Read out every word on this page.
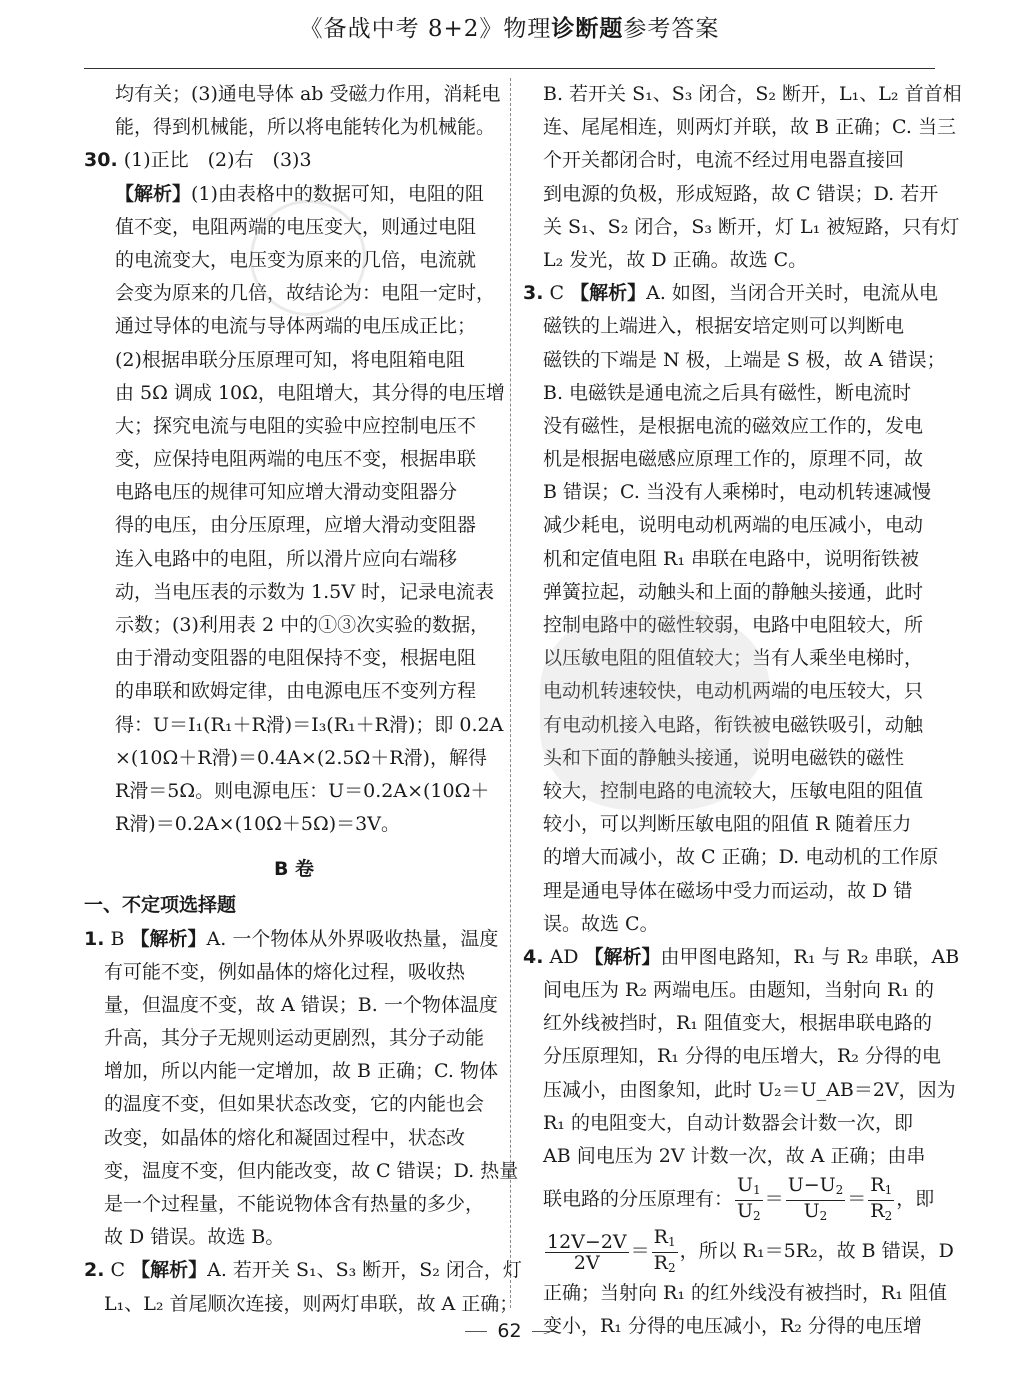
《备战中考 8+2》物理诊断题参考答案
均有关；(3)通电导体 ab 受磁力作用，消耗电
能，得到机械能，所以将电能转化为机械能。
30. (1)正比　(2)右　(3)3
【解析】(1)由表格中的数据可知，电阻的阻
值不变，电阻两端的电压变大，则通过电阻
的电流变大，电压变为原来的几倍，电流就
会变为原来的几倍，故结论为：电阻一定时，
通过导体的电流与导体两端的电压成正比；
(2)根据串联分压原理可知，将电阻箱电阻
由 5Ω 调成 10Ω，电阻增大，其分得的电压增
大；探究电流与电阻的实验中应控制电压不
变，应保持电阻两端的电压不变，根据串联
电路电压的规律可知应增大滑动变阻器分
得的电压，由分压原理，应增大滑动变阻器
连入电路中的电阻，所以滑片应向右端移
动，当电压表的示数为 1.5V 时，记录电流表
示数；(3)利用表 2 中的①③次实验的数据，
由于滑动变阻器的电阻保持不变，根据电阻
的串联和欧姆定律，由电源电压不变列方程
得：U＝I₁(R₁＋R滑)＝I₃(R₁＋R滑)；即 0.2A
×(10Ω＋R滑)＝0.4A×(2.5Ω＋R滑)，解得
R滑＝5Ω。则电源电压：U＝0.2A×(10Ω＋
R滑)＝0.2A×(10Ω＋5Ω)＝3V。
B 卷
一、不定项选择题
1. B 【解析】A. 一个物体从外界吸收热量，温度
有可能不变，例如晶体的熔化过程，吸收热
量，但温度不变，故 A 错误；B. 一个物体温度
升高，其分子无规则运动更剧烈，其分子动能
增加，所以内能一定增加，故 B 正确；C. 物体
的温度不变，但如果状态改变，它的内能也会
改变，如晶体的熔化和凝固过程中，状态改
变，温度不变，但内能改变，故 C 错误；D. 热量
是一个过程量，不能说物体含有热量的多少，
故 D 错误。故选 B。
2. C 【解析】A. 若开关 S₁、S₃ 断开，S₂ 闭合，灯
L₁、L₂ 首尾顺次连接，则两灯串联，故 A 正确；
B. 若开关 S₁、S₃ 闭合，S₂ 断开，L₁、L₂ 首首相
连、尾尾相连，则两灯并联，故 B 正确；C. 当三
个开关都闭合时，电流不经过用电器直接回
到电源的负极，形成短路，故 C 错误；D. 若开
关 S₁、S₂ 闭合，S₃ 断开，灯 L₁ 被短路，只有灯
L₂ 发光，故 D 正确。故选 C。
3. C 【解析】A. 如图，当闭合开关时，电流从电
磁铁的上端进入，根据安培定则可以判断电
磁铁的下端是 N 极，上端是 S 极，故 A 错误；
B. 电磁铁是通电流之后具有磁性，断电流时
没有磁性，是根据电流的磁效应工作的，发电
机是根据电磁感应原理工作的，原理不同，故
B 错误；C. 当没有人乘梯时，电动机转速减慢
减少耗电，说明电动机两端的电压减小，电动
机和定值电阻 R₁ 串联在电路中，说明衔铁被
弹簧拉起，动触头和上面的静触头接通，此时
控制电路中的磁性较弱，电路中电阻较大，所
以压敏电阻的阻值较大；当有人乘坐电梯时，
电动机转速较快，电动机两端的电压较大，只
有电动机接入电路，衔铁被电磁铁吸引，动触
头和下面的静触头接通，说明电磁铁的磁性
较大，控制电路的电流较大，压敏电阻的阻值
较小，可以判断压敏电阻的阻值 R 随着压力
的增大而减小，故 C 正确；D. 电动机的工作原
理是通电导体在磁场中受力而运动，故 D 错
误。故选 C。
4. AD 【解析】由甲图电路知，R₁ 与 R₂ 串联，AB
间电压为 R₂ 两端电压。由题知，当射向 R₁ 的
红外线被挡时，R₁ 阻值变大，根据串联电路的
分压原理知，R₁ 分得的电压增大，R₂ 分得的电
压减小，由图象知，此时 U₂＝U_AB＝2V，因为
R₁ 的电阻变大，自动计数器会计数一次，即
AB 间电压为 2V 计数一次，故 A 正确；由串
联电路的分压原理有： $\frac{U_1}{U_2} = \frac{U-U_2}{U_2} = \frac{R_1}{R_2}$ ，即
$\frac{12V-2V}{2V} = \frac{R_1}{R_2}$ ，所以 R₁＝5R₂，故 B 错误，D
正确；当射向 R₁ 的红外线没有被挡时，R₁ 阻值
变小，R₁ 分得的电压减小，R₂ 分得的电压增
62
